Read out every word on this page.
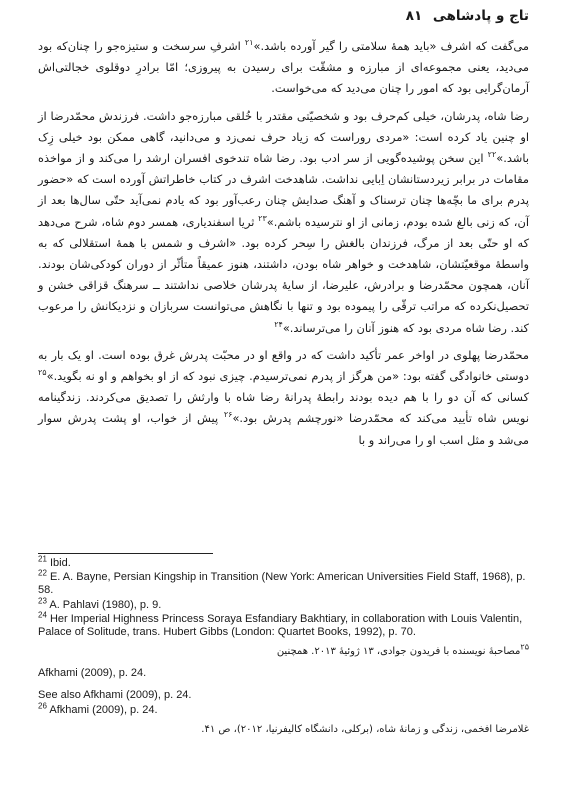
تاج و پادشاهی ۸۱

می‌گفت که اشرف «باید همهٔ سلامتی را گیر آورده باشد.»$^{۲۱}$ اشرفِ سرسخت و ستیزه‌جو را چنان‌که بود می‌دید، یعنی مجموعه‌ای از مبارزه و مشقّت برای رسیدن به پیروزی؛ امّا برادرِ دوقلوی خجالتی‌اش آرمان‌گرایی بود که امور را چنان می‌دید که می‌خواست.

رضا شاه، پدرشان، خیلی کم‌حرف بود و شخصیّتی مقتدر با خُلقی مبارزه‌جو داشت. فرزندش محمّدرضا از او چنین یاد کرده است: «مردی روراست که زیاد حرف نمی‌زد و می‌دانید، گاهی ممکن بود خیلی زِک باشد.»$^{۲۲}$ این سخن پوشیده‌گویی از سر ادب بود. رضا شاه تندخوی افسران ارشد را می‌کند و از مواخذه مقامات در برابر زیردستانشان اِبایی نداشت. شاهدخت اشرف در کتاب خاطراتش آورده است که «حضور پدرم برای ما بچّه‌ها چنان ترسناک و آهنگ صدایش چنان رعب‌آور بود که یادم نمی‌آید حتّی سال‌ها بعد از آن، که زنی بالغ شده بودم، زمانی از او نترسیده باشم.»$^{۲۳}$ ثریا اسفندیاری، همسر دوم شاه، شرح می‌دهد که او حتّی بعد از مرگ، فرزندان بالغش را سِحر کرده بود. «اشرف و شمس با همهٔ استقلالی که به واسطهٔ موقعیّتشان، شاهدخت و خواهر شاه بودن، داشتند، هنوز عمیقاً متأثّر از دوران کودکی‌شان بودند. آنان، همچون محمّدرضا و برادرش، علیرضا، از سایهٔ پدرشان خلاصی نداشتند ــ سرهنگ قزاقی خشن و تحصیل‌نکرده که مراتب ترقّی را پیموده بود و تنها با نگاهش می‌توانست سربازان و نزدیکانش را مرعوب کند. رضا شاه مردی بود که هنوز آنان را می‌ترساند.»$^{۲۴}$

محمّدرضا پهلوی در اواخر عمر تأکید داشت که در واقع او در محبّت پدرش غرق بوده است. او یک بار به دوستی خانوادگی گفته بود: «من هرگز از پدرم نمی‌ترسیدم. چیزی نبود که از او بخواهم و او نه بگوید.»$^{۲۵}$ کسانی که آن دو را با هم دیده بودند رابطهٔ پدرانهٔ رضا شاه با وارثش را تصدیق می‌کردند. زندگینامه نویس شاه تأیید می‌کند که محمّدرضا «نورچشم پدرش بود.»$^{۲۶}$ پیش از خواب، او پشت پدرش سوار می‌شد و مثل اسب او را می‌راند و با

$^{21}$ Ibid.

$^{22}$ E. A. Bayne, Persian Kingship in Transition (New York: American Universities Field Staff, 1968), p. 58.

$^{23}$ A. Pahlavi (1980), p. 9.

$^{24}$ Her Imperial Highness Princess Soraya Esfandiary Bakhtiary, in collaboration with Louis Valentin, Palace of Solitude, trans. Hubert Gibbs (London: Quartet Books, 1992), p. 70.

$^{۲۵}$مصاحبهٔ نویسنده با فریدون جوادی، ۱۳ ژوئیهٔ ۲۰۱۳. همچنین

Afkhami (2009), p. 24.

See also Afkhami (2009), p. 24.

$^{26}$ Afkhami (2009), p. 24.

غلامرضا افخمی، زندگی و زمانهٔ شاه، (برکلی، دانشگاه کالیفرنیا، ۲۰۱۲)، ص ۴۱.
